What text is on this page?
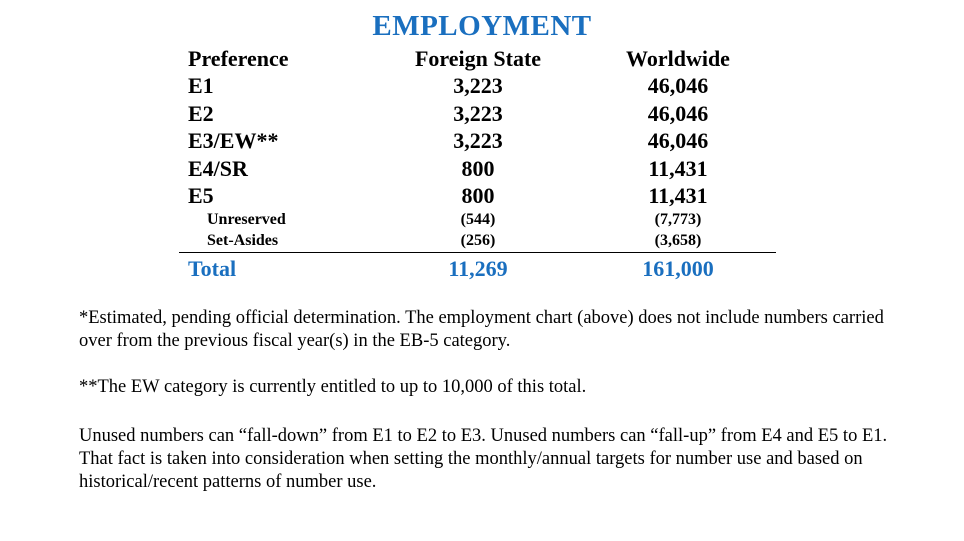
EMPLOYMENT
Preference	Foreign State	Worldwide
E1	3,223	46,046
E2	3,223	46,046
E3/EW**	3,223	46,046
E4/SR	800	11,431
E5	800	11,431
Unreserved	(544)	(7,773)
Set-Asides	(256)	(3,658)
Total	11,269	161,000
*Estimated, pending official determination. The employment chart (above) does not include numbers carried over from the previous fiscal year(s) in the EB-5 category.
**The EW category is currently entitled to up to 10,000 of this total.
Unused numbers can “fall-down” from E1 to E2 to E3. Unused numbers can “fall-up” from E4 and E5 to E1. That fact is taken into consideration when setting the monthly/annual targets for number use and based on historical/recent patterns of number use.
